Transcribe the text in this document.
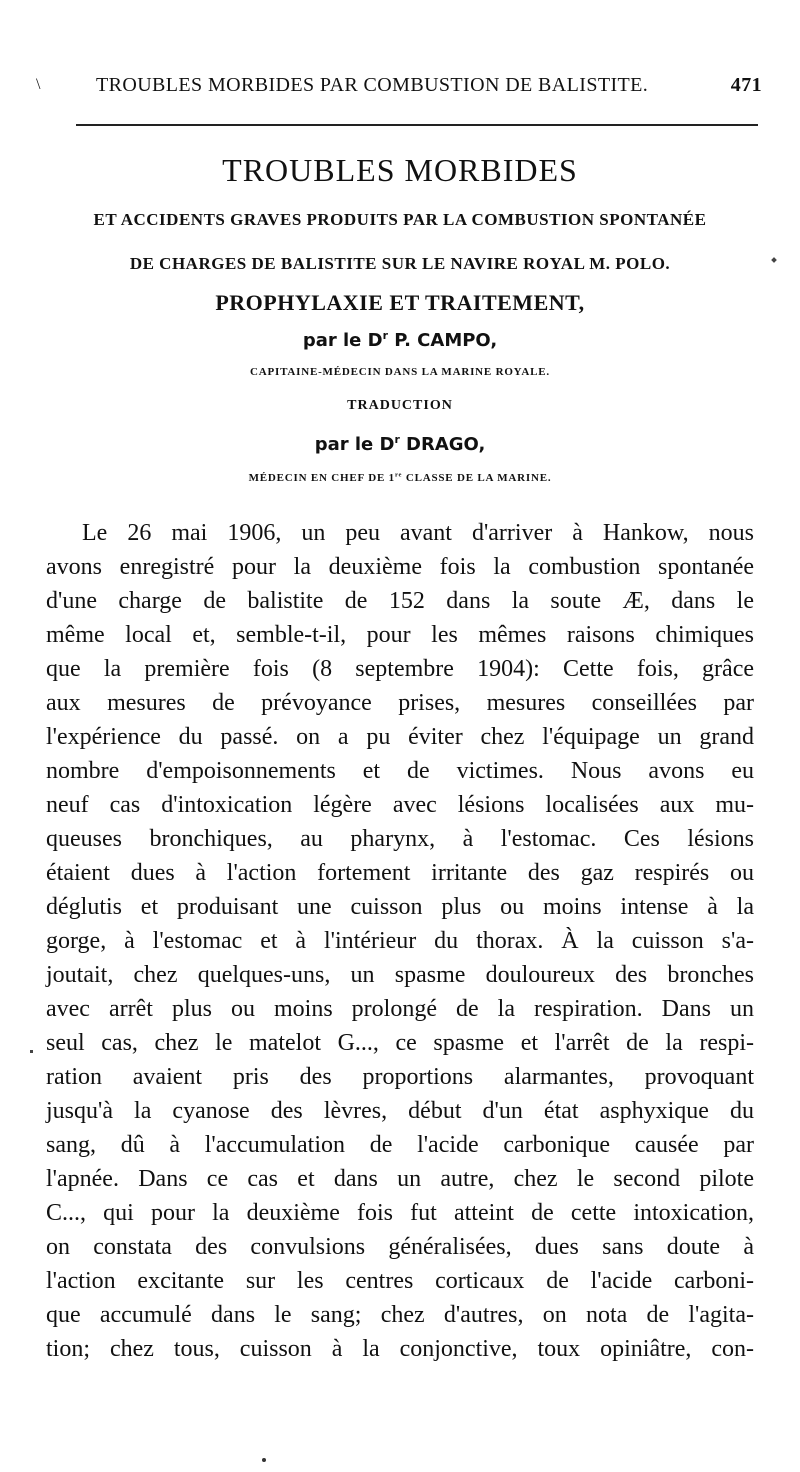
\	TROUBLES MORBIDES PAR COMBUSTION DE BALISTITE.	471
TROUBLES MORBIDES
ET ACCIDENTS GRAVES PRODUITS PAR LA COMBUSTION SPONTANÉE
DE CHARGES DE BALISTITE SUR LE NAVIRE ROYAL M. POLO.
PROPHYLAXIE ET TRAITEMENT,
par le $D^r$ P. CAMPO,
CAPITAINE-MÉDECIN DANS LA MARINE ROYALE.
TRADUCTION
par le $D^r$ DRAGO,
MÉDECIN EN CHEF DE 1re CLASSE DE LA MARINE.
Le 26 mai 1906, un peu avant d'arriver à Hankow, nous
avons enregistré pour la deuxième fois la combustion spontanée
d'une charge de balistite de 152 dans la soute Æ, dans le
même local et, semble-t-il, pour les mêmes raisons chimiques
que la première fois (8 septembre 1904): Cette fois, grâce
aux mesures de prévoyance prises, mesures conseillées par
l'expérience du passé. on a pu éviter chez l'équipage un grand
nombre d'empoisonnements et de victimes. Nous avons eu
neuf cas d'intoxication légère avec lésions localisées aux mu-
queuses bronchiques, au pharynx, à l'estomac. Ces lésions
étaient dues à l'action fortement irritante des gaz respirés ou
déglutis et produisant une cuisson plus ou moins intense à la
gorge, à l'estomac et à l'intérieur du thorax. À la cuisson s'a-
joutait, chez quelques-uns, un spasme douloureux des bronches
avec arrêt plus ou moins prolongé de la respiration. Dans un
seul cas, chez le matelot G..., ce spasme et l'arrêt de la respi-
ration avaient pris des proportions alarmantes, provoquant
jusqu'à la cyanose des lèvres, début d'un état asphyxique du
sang, dû à l'accumulation de l'acide carbonique causée par
l'apnée. Dans ce cas et dans un autre, chez le second pilote
C..., qui pour la deuxième fois fut atteint de cette intoxication,
on constata des convulsions généralisées, dues sans doute à
l'action excitante sur les centres corticaux de l'acide carboni-
que accumulé dans le sang; chez d'autres, on nota de l'agita-
tion; chez tous, cuisson à la conjonctive, toux opiniâtre, con-
